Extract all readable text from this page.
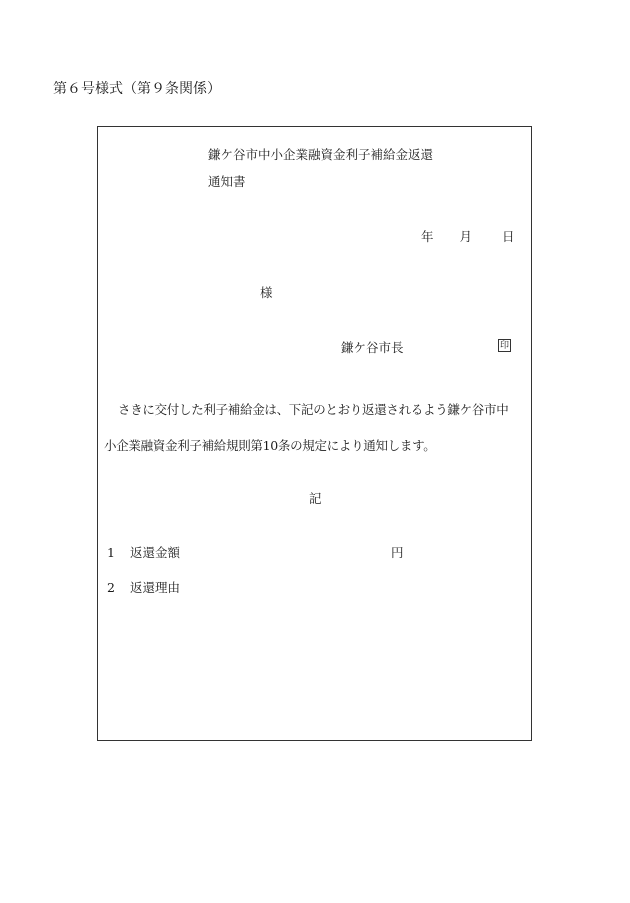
第６号様式（第９条関係）
鎌ケ谷市中小企業融資金利子補給金返還
通知書
年 月 日
様
鎌ケ谷市長	印
さきに交付した利子補給金は、下記のとおり返還されるよう鎌ケ谷市中
小企業融資金利子補給規則第10条の規定により通知します。
記
1 返還金額	円
2 返還理由
